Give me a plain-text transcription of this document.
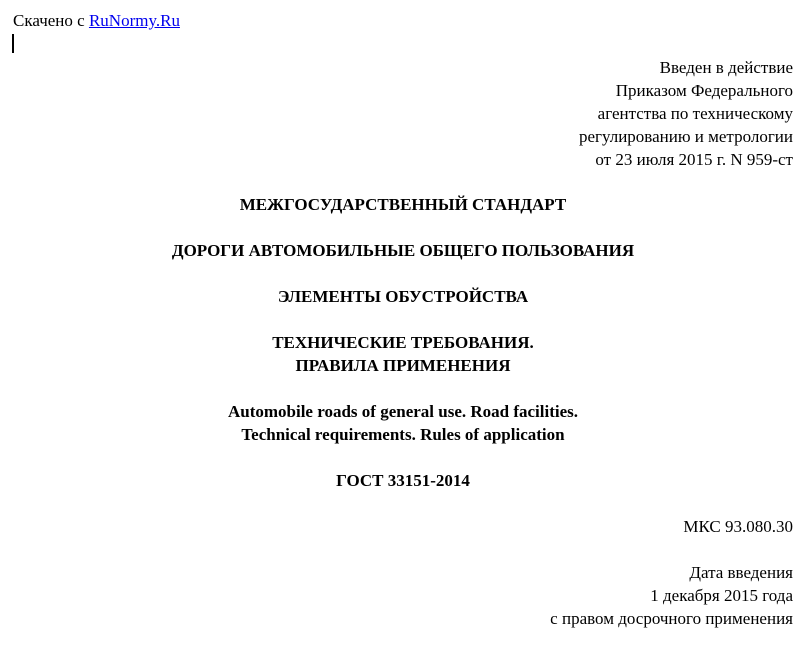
Скачено с RuNormy.Ru
Введен в действие
Приказом Федерального
агентства по техническому
регулированию и метрологии
от 23 июля 2015 г. N 959-ст
МЕЖГОСУДАРСТВЕННЫЙ СТАНДАРТ
ДОРОГИ АВТОМОБИЛЬНЫЕ ОБЩЕГО ПОЛЬЗОВАНИЯ
ЭЛЕМЕНТЫ ОБУСТРОЙСТВА
ТЕХНИЧЕСКИЕ ТРЕБОВАНИЯ.
ПРАВИЛА ПРИМЕНЕНИЯ
Automobile roads of general use. Road facilities.
Technical requirements. Rules of application
ГОСТ 33151-2014
МКС 93.080.30
Дата введения
1 декабря 2015 года
с правом досрочного применения
